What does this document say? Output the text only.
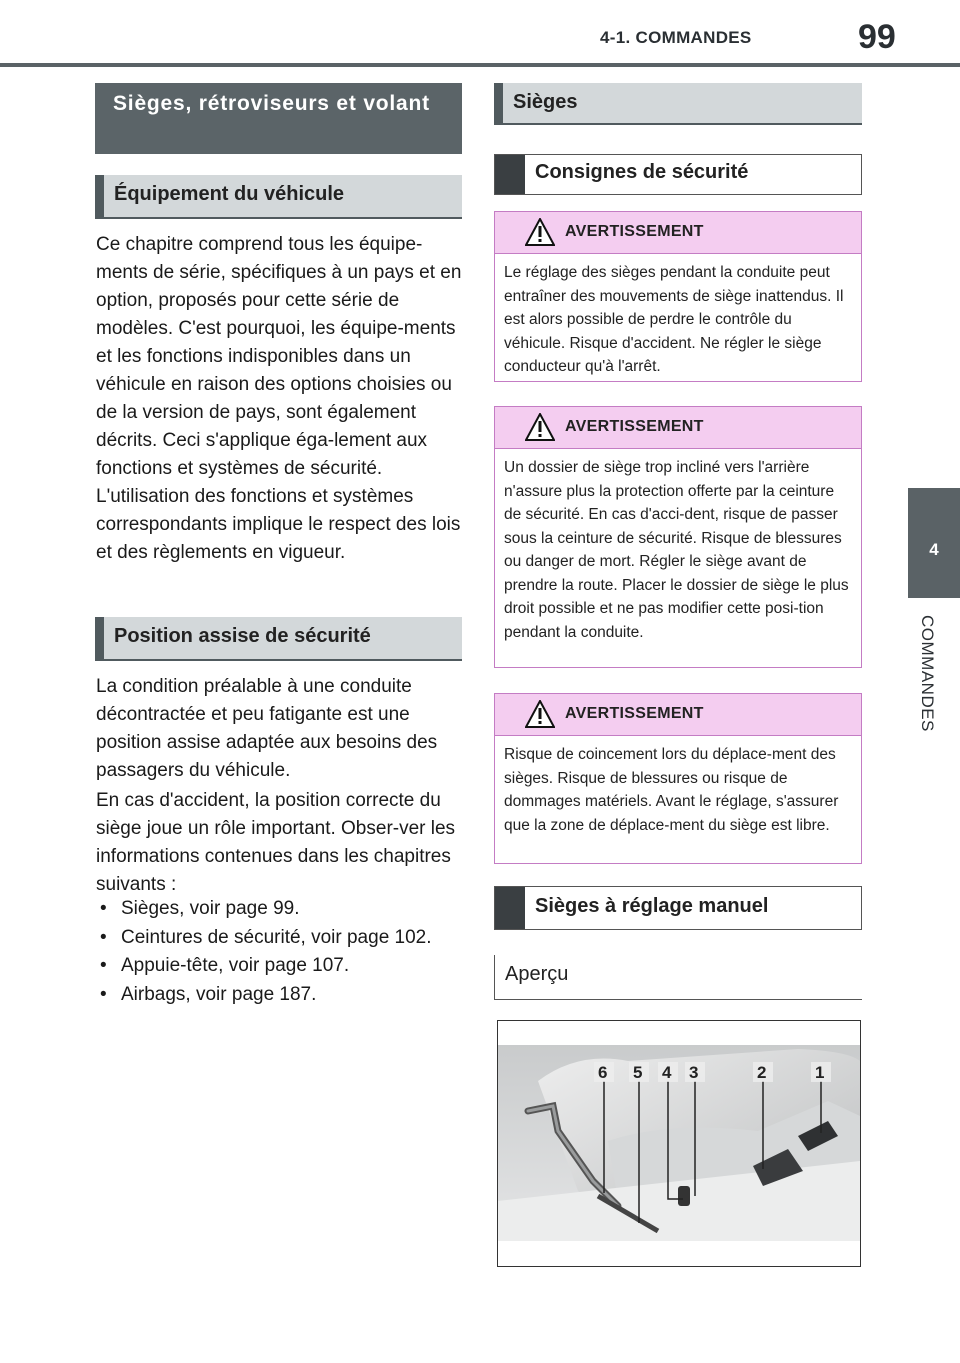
4-1. COMMANDES	99
4
COMMANDES
Sièges, rétroviseurs et volant
Équipement du véhicule
Ce chapitre comprend tous les équipe-ments de série, spécifiques à un pays et en option, proposés pour cette série de modèles. C'est pourquoi, les équipe-ments et les fonctions indisponibles dans un véhicule en raison des options choisies ou de la version de pays, sont également décrits. Ceci s'applique éga-lement aux fonctions et systèmes de sécurité. L'utilisation des fonctions et systèmes correspondants implique le respect des lois et des règlements en vigueur.
Position assise de sécurité
La condition préalable à une conduite décontractée et peu fatigante est une position assise adaptée aux besoins des passagers du véhicule.
En cas d'accident, la position correcte du siège joue un rôle important. Obser-ver les informations contenues dans les chapitres suivants :
• Sièges, voir page 99.
• Ceintures de sécurité, voir page 102.
• Appuie-tête, voir page 107.
• Airbags, voir page 187.
Sièges
Consignes de sécurité
AVERTISSEMENT
Le réglage des sièges pendant la conduite peut entraîner des mouvements de siège inattendus. Il est alors possible de perdre le contrôle du véhicule. Risque d'accident. Ne régler le siège conducteur qu'à l'arrêt.
AVERTISSEMENT
Un dossier de siège trop incliné vers l'arrière n'assure plus la protection offerte par la ceinture de sécurité. En cas d'acci-dent, risque de passer sous la ceinture de sécurité. Risque de blessures ou danger de mort. Régler le siège avant de prendre la route. Placer le dossier de siège le plus droit possible et ne pas modifier cette posi-tion pendant la conduite.
AVERTISSEMENT
Risque de coincement lors du déplace-ment des sièges. Risque de blessures ou risque de dommages matériels. Avant le réglage, s'assurer que la zone de déplace-ment du siège est libre.
Sièges à réglage manuel
Aperçu
6 5 4 3	2	1
